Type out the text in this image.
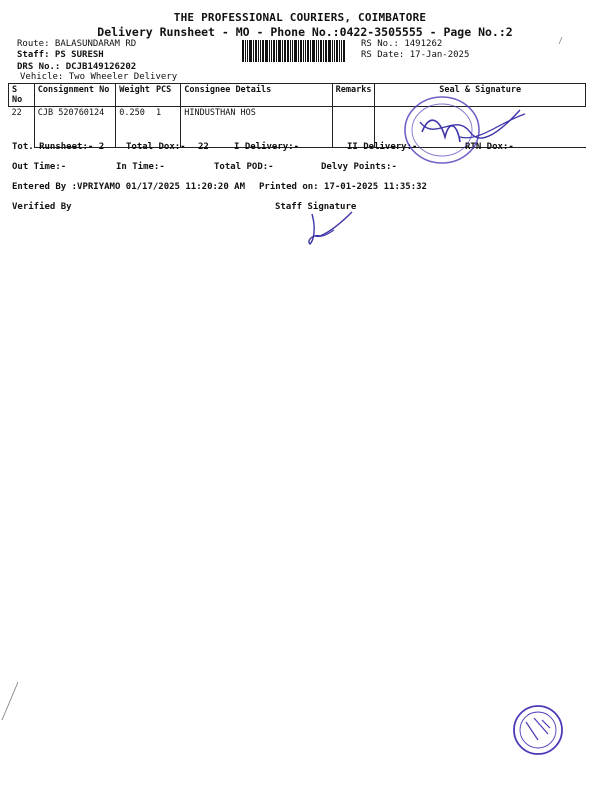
THE PROFESSIONAL COURIERS, COIMBATORE
Delivery Runsheet - MO - Phone No.:0422-3505555 - Page No.:2
Route: BALASUNDARAM RD
Staff: PS SURESH
DRS No.: DCJB149126202
Vehicle: Two Wheeler Delivery
RS No.: 1491262
RS Date: 17-Jan-2025
S No	Consignment No	Weight	PCS	Consignee Details	Remarks	Seal & Signature
22	CJB 520760124	0.250	1	HINDUSTHAN HOS		
Tot. Runsheet:- 2 Total Dox:- 22	I Delivery:-	II Delivery:-	RTN Dox:-
Out Time:-	In Time:-	Total POD:-	Delvy Points:-
Entered By :VPRIYAMO 01/17/2025 11:20:20 AM Printed on: 17-01-2025 11:35:32
Verified By	Staff Signature
